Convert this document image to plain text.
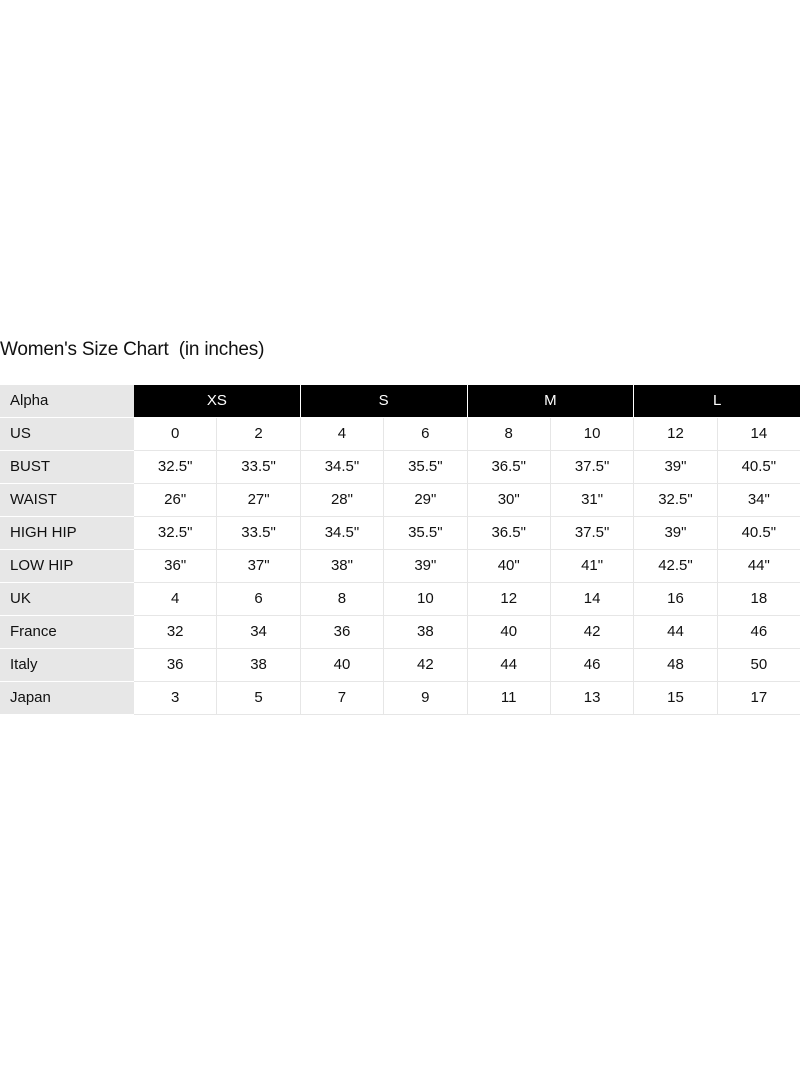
Women's Size Chart  (in inches)
Alpha	XS		S		M		L	
US	0	2	4	6	8	10	12	14
BUST	32.5"	33.5"	34.5"	35.5"	36.5"	37.5"	39"	40.5"
WAIST	26"	27"	28"	29"	30"	31"	32.5"	34"
HIGH HIP	32.5"	33.5"	34.5"	35.5"	36.5"	37.5"	39"	40.5"
LOW HIP	36"	37"	38"	39"	40"	41"	42.5"	44"
UK	4	6	8	10	12	14	16	18
France	32	34	36	38	40	42	44	46
Italy	36	38	40	42	44	46	48	50
Japan	3	5	7	9	11	13	15	17
